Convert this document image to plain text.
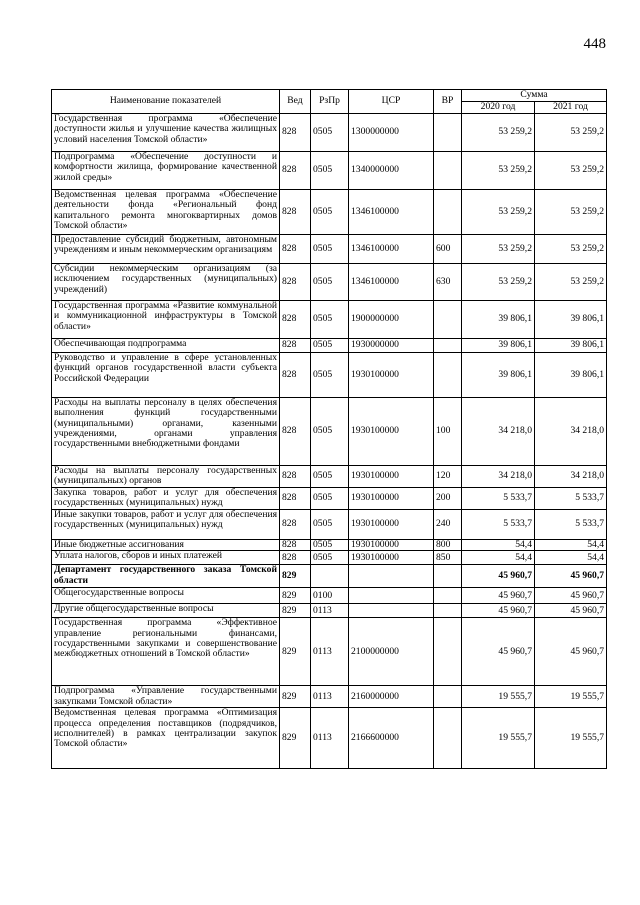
448
Наименование показателей	Вед	РзПр	ЦСР	ВР	Сумма	
					2020 год	2021 год
Государственная программа «Обеспечение доступности жилья и улучшение качества жилищных условий населения Томской области»	828	0505	1300000000		53 259,2	53 259,2
Подпрограмма «Обеспечение доступности и комфортности жилища, формирование качественной жилой среды»	828	0505	1340000000		53 259,2	53 259,2
Ведомственная целевая программа «Обеспечение деятельности фонда «Региональный фонд капитального ремонта многоквартирных домов Томской области»	828	0505	1346100000		53 259,2	53 259,2
Предоставление субсидий бюджетным, автономным учреждениям и иным некоммерческим организациям	828	0505	1346100000	600	53 259,2	53 259,2
Субсидии некоммерческим организациям (за исключением государственных (муниципальных) учреждений)	828	0505	1346100000	630	53 259,2	53 259,2
Государственная программа «Развитие коммунальной и коммуникационной инфраструктуры в Томской области»	828	0505	1900000000		39 806,1	39 806,1
Обеспечивающая подпрограмма	828	0505	1930000000		39 806,1	39 806,1
Руководство и управление в сфере установленных функций органов государственной власти субъекта Российской Федерации	828	0505	1930100000		39 806,1	39 806,1
Расходы на выплаты персоналу в целях обеспечения выполнения функций государственными (муниципальными) органами, казенными учреждениями, органами управления государственными внебюджетными фондами	828	0505	1930100000	100	34 218,0	34 218,0
Расходы на выплаты персоналу государственных (муниципальных) органов	828	0505	1930100000	120	34 218,0	34 218,0
Закупка товаров, работ и услуг для обеспечения государственных (муниципальных) нужд	828	0505	1930100000	200	5 533,7	5 533,7
Иные закупки товаров, работ и услуг для обеспечения государственных (муниципальных) нужд	828	0505	1930100000	240	5 533,7	5 533,7
Иные бюджетные ассигнования	828	0505	1930100000	800	54,4	54,4
Уплата налогов, сборов и иных платежей	828	0505	1930100000	850	54,4	54,4
Департамент государственного заказа Томской области	829				45 960,7	45 960,7
Общегосударственные вопросы	829	0100			45 960,7	45 960,7
Другие общегосударственные вопросы	829	0113			45 960,7	45 960,7
Государственная программа «Эффективное управление региональными финансами, государственными закупками и совершенствование межбюджетных отношений в Томской области»	829	0113	2100000000		45 960,7	45 960,7
Подпрограмма «Управление государственными закупками Томской области»	829	0113	2160000000		19 555,7	19 555,7
Ведомственная целевая программа «Оптимизация процесса определения поставщиков (подрядчиков, исполнителей) в рамках централизации закупок Томской области»	829	0113	2166600000		19 555,7	19 555,7
